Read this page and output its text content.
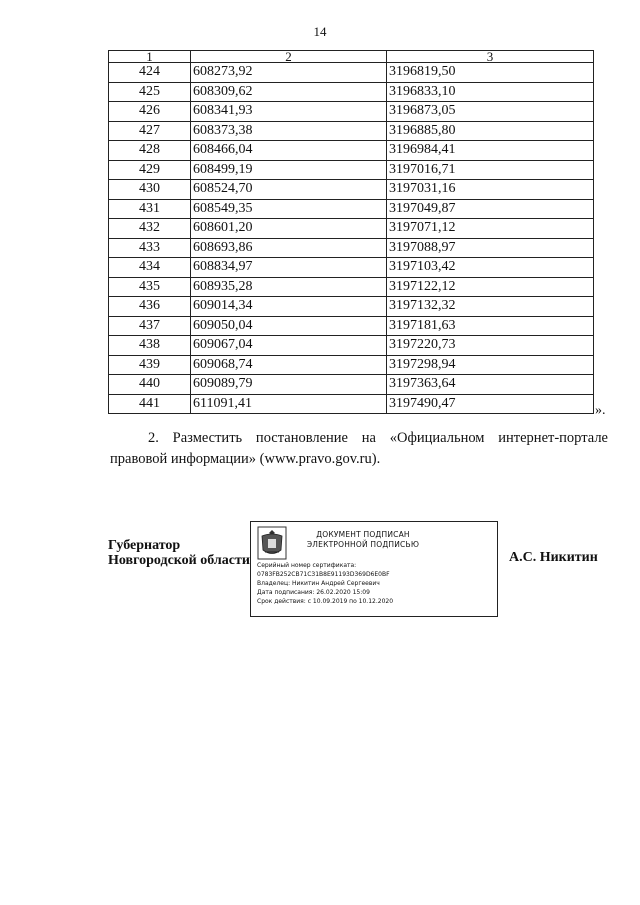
14
1	2	3
424	608273,92	3196819,50
425	608309,62	3196833,10
426	608341,93	3196873,05
427	608373,38	3196885,80
428	608466,04	3196984,41
429	608499,19	3197016,71
430	608524,70	3197031,16
431	608549,35	3197049,87
432	608601,20	3197071,12
433	608693,86	3197088,97
434	608834,97	3197103,42
435	608935,28	3197122,12
436	609014,34	3197132,32
437	609050,04	3197181,63
438	609067,04	3197220,73
439	609068,74	3197298,94
440	609089,79	3197363,64
441	611091,41	3197490,47	».
2. Разместить постановление на «Официальном интернет-портале правовой информации» (www.pravo.gov.ru).
Губернатор
Новгородской области
ДОКУМЕНТ ПОДПИСАН
ЭЛЕКТРОННОЙ ПОДПИСЬЮ
Серийный номер сертификата:
0783FB252CB71C31B8E91193D369D6E0BF
Владелец: Никитин Андрей Сергеевич
Дата подписания: 26.02.2020 15:09
Срок действия: с 10.09.2019 по 10.12.2020
А.С. Никитин
